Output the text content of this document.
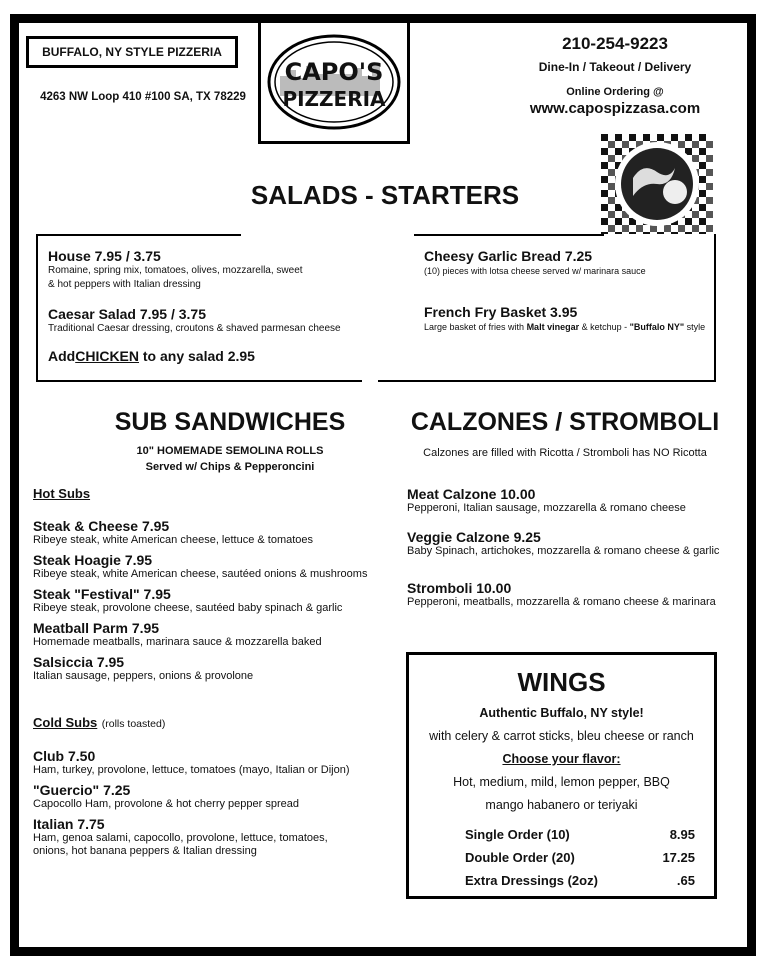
BUFFALO, NY STYLE PIZZERIA
4263 NW Loop 410 #100 SA, TX 78229
CAPO'S
PIZZERIA
210-254-9223
Dine-In / Takeout / Delivery
Online Ordering @
www.capospizzasa.com
SALADS - STARTERS
House 7.95 / 3.75
Romaine, spring mix, tomatoes, olives, mozzarella, sweet
& hot peppers with Italian dressing
Caesar Salad 7.95 / 3.75
Traditional Caesar dressing, croutons & shaved parmesan cheese
AddCHICKEN to any salad 2.95
Cheesy Garlic Bread 7.25
(10) pieces with lotsa cheese served w/ marinara sauce
French Fry Basket 3.95
Large basket of fries with Malt vinegar & ketchup - "Buffalo NY" style
SUB SANDWICHES
10" HOMEMADE SEMOLINA ROLLS
Served w/ Chips & Pepperoncini
Hot Subs
Steak & Cheese 7.95
Ribeye steak, white American cheese, lettuce & tomatoes
Steak Hoagie 7.95
Ribeye steak, white American cheese, sautéed onions & mushrooms
Steak "Festival" 7.95
Ribeye steak, provolone cheese, sautéed baby spinach & garlic
Meatball Parm 7.95
Homemade meatballs, marinara sauce & mozzarella baked
Salsiccia 7.95
Italian sausage, peppers, onions & provolone
Cold Subs (rolls toasted)
Club 7.50
Ham, turkey, provolone, lettuce, tomatoes (mayo, Italian or Dijon)
"Guercio" 7.25
Capocollo Ham, provolone & hot cherry pepper spread
Italian 7.75
Ham, genoa salami, capocollo, provolone, lettuce, tomatoes,
onions, hot banana peppers & Italian dressing
CALZONES / STROMBOLI
Calzones are filled with Ricotta / Stromboli has NO Ricotta
Meat Calzone 10.00
Pepperoni, Italian sausage, mozzarella & romano cheese
Veggie Calzone 9.25
Baby Spinach, artichokes, mozzarella & romano cheese & garlic
Stromboli 10.00
Pepperoni, meatballs, mozzarella & romano cheese & marinara
WINGS
Authentic Buffalo, NY style!
with celery & carrot sticks, bleu cheese or ranch
Choose your flavor:
Hot, medium, mild, lemon pepper, BBQ
mango habanero or teriyaki
Single Order (10)	8.95
Double Order (20)	17.25
Extra Dressings (2oz)	.65
